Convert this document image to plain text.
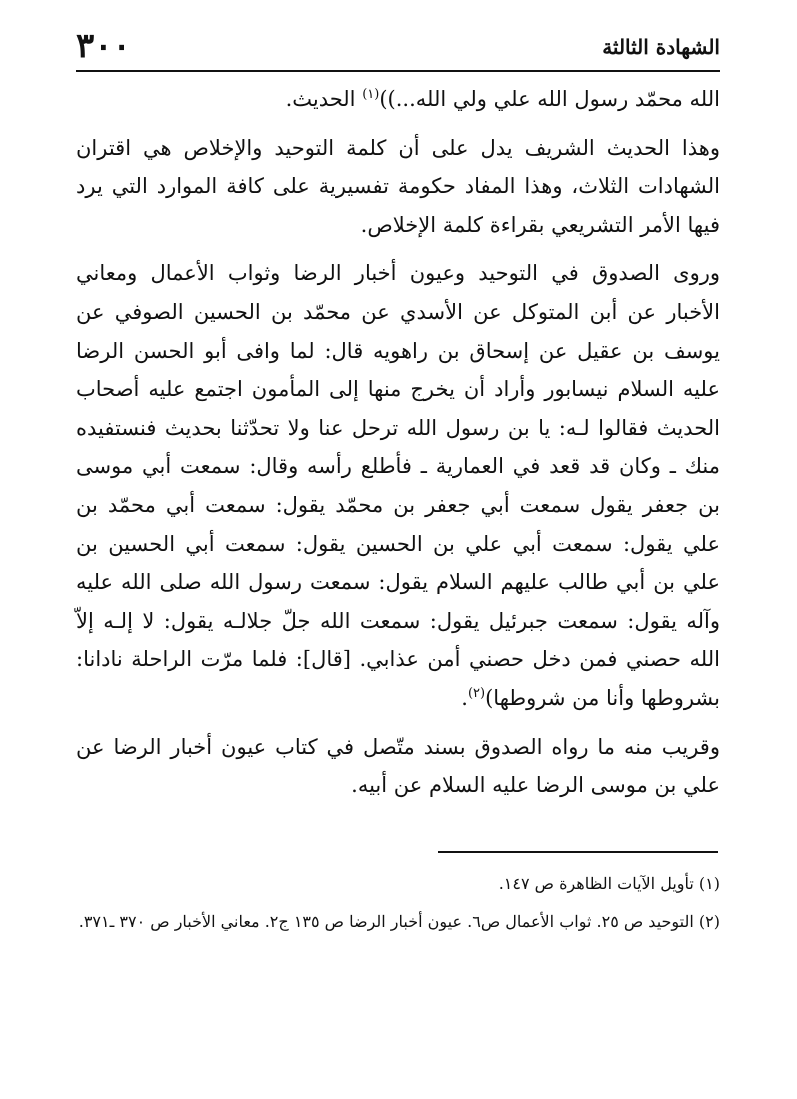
٣٠٠	الشهادة الثالثة

الله محمّد رسول الله علي ولي الله...))$^{(١)}$ الحديث.

وهذا الحديث الشريف يدل على أن كلمة التوحيد والإخلاص هي اقتران الشهادات الثلاث، وهذا المفاد حكومة تفسيرية على كافة الموارد التي يرد فيها الأمر التشريعي بقراءة كلمة الإخلاص.

وروى الصدوق في التوحيد وعيون أخبار الرضا وثواب الأعمال ومعاني الأخبار عن أبن المتوكل عن الأسدي عن محمّد بن الحسين الصوفي عن يوسف بن عقيل عن إسحاق بن راهويه قال: لما وافى أبو الحسن الرضا عليه السلام نيسابور وأراد أن يخرج منها إلى المأمون اجتمع عليه أصحاب الحديث فقالوا لـه: يا بن رسول الله ترحل عنا ولا تحدّثنا بحديث فنستفيده منك ـ وكان قد قعد في العمارية ـ فأطلع رأسه وقال: سمعت أبي موسى بن جعفر يقول سمعت أبي جعفر بن محمّد يقول: سمعت أبي محمّد بن علي يقول: سمعت أبي علي بن الحسين يقول: سمعت أبي الحسين بن علي بن أبي طالب عليهم السلام يقول: سمعت رسول الله صلى الله عليه وآله يقول: سمعت جبرئيل يقول: سمعت الله جلّ جلالـه يقول: لا إلـه إلاّ الله حصني فمن دخل حصني أمن عذابي. [قال]: فلما مرّت الراحلة نادانا: بشروطها وأنا من شروطها)$^{(٢)}$.

وقريب منه ما رواه الصدوق بسند متّصل في كتاب عيون أخبار الرضا عن علي بن موسى الرضا عليه السلام عن أبيه.

(١) تأويل الآيات الظاهرة ص ١٤٧.

(٢) التوحيد ص ٢٥. ثواب الأعمال ص٦. عيون أخبار الرضا ص ١٣٥ ج٢. معاني الأخبار ص ٣٧٠ ـ٣٧١.
